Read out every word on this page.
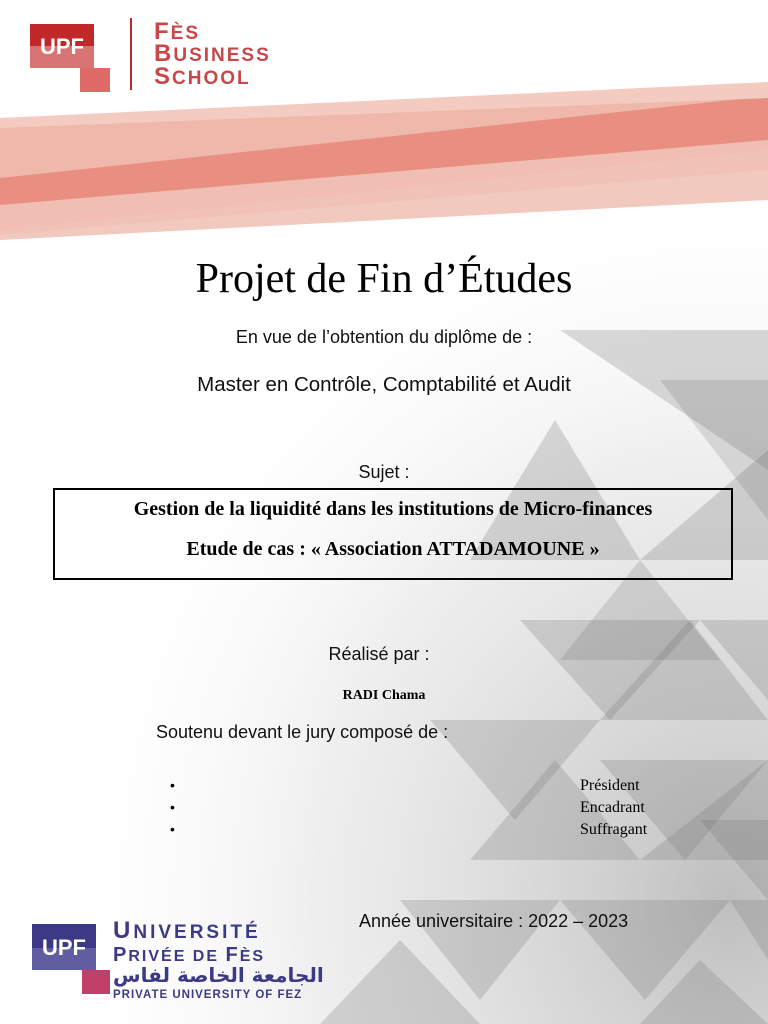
UPF
FÈS
BUSINESS
SCHOOL
Projet de Fin d’Études
En vue de l’obtention du diplôme de :
Master en Contrôle, Comptabilité et Audit
Sujet :
Gestion de la liquidité dans les institutions de Micro-finances
Etude de cas : « Association ATTADAMOUNE »
Réalisé par :
RADI Chama
Soutenu devant le jury composé de :
•	Président
•	Encadrant
•	Suffragant
Année universitaire : 2022 – 2023
UPF
UNIVERSITÉ
PRIVÉE DE FÈS
الجامعة الخاصة لفاس
PRIVATE UNIVERSITY OF FEZ
